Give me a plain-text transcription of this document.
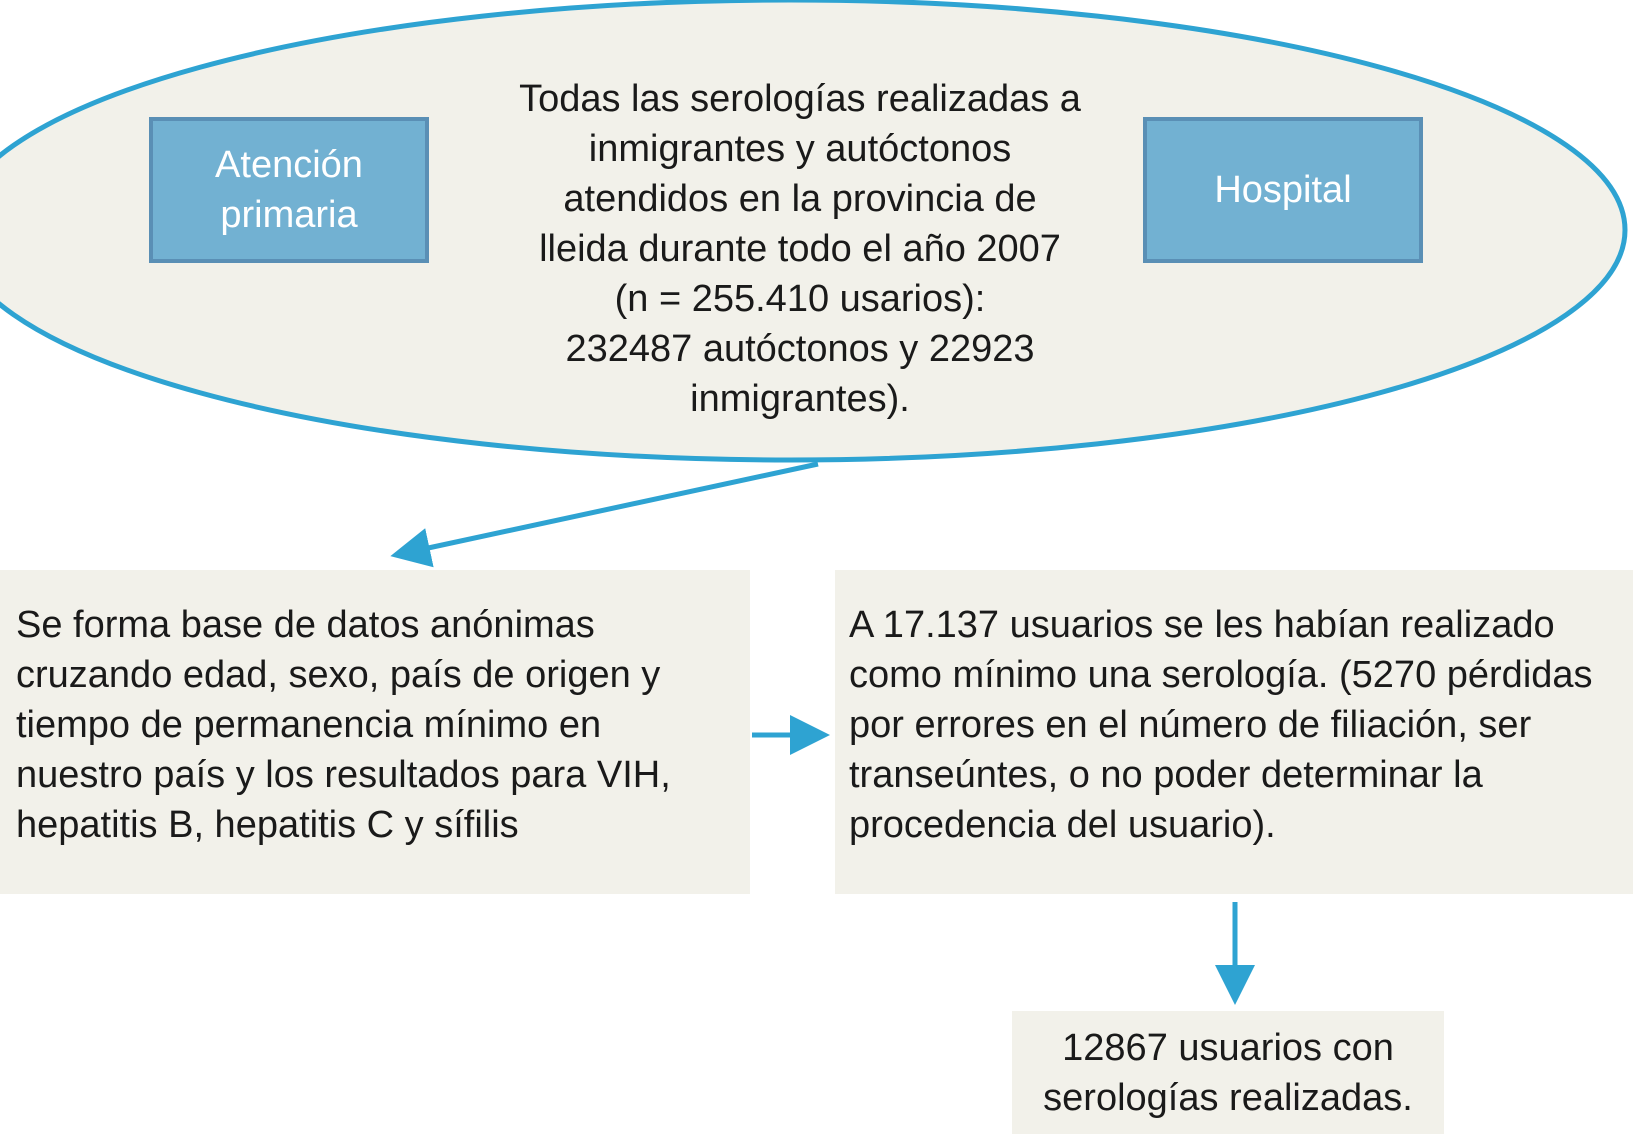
Todas las serologías realizadas a
inmigrantes y autóctonos
atendidos en la provincia de
lleida durante todo el año 2007
(n = 255.410 usarios):
232487 autóctonos y 22923
inmigrantes).
Atención
primaria
Hospital
Se forma base de datos anónimas cruzando edad, sexo, país de origen y tiempo de permanencia mínimo en nuestro país y los resultados para VIH, hepatitis B, hepatitis C y sífilis
A 17.137 usuarios se les habían realizado como mínimo una serología. (5270 pérdidas por errores en el número de filiación, ser transeúntes, o no poder determinar la procedencia del usuario).
12867 usuarios con
serologías realizadas.
